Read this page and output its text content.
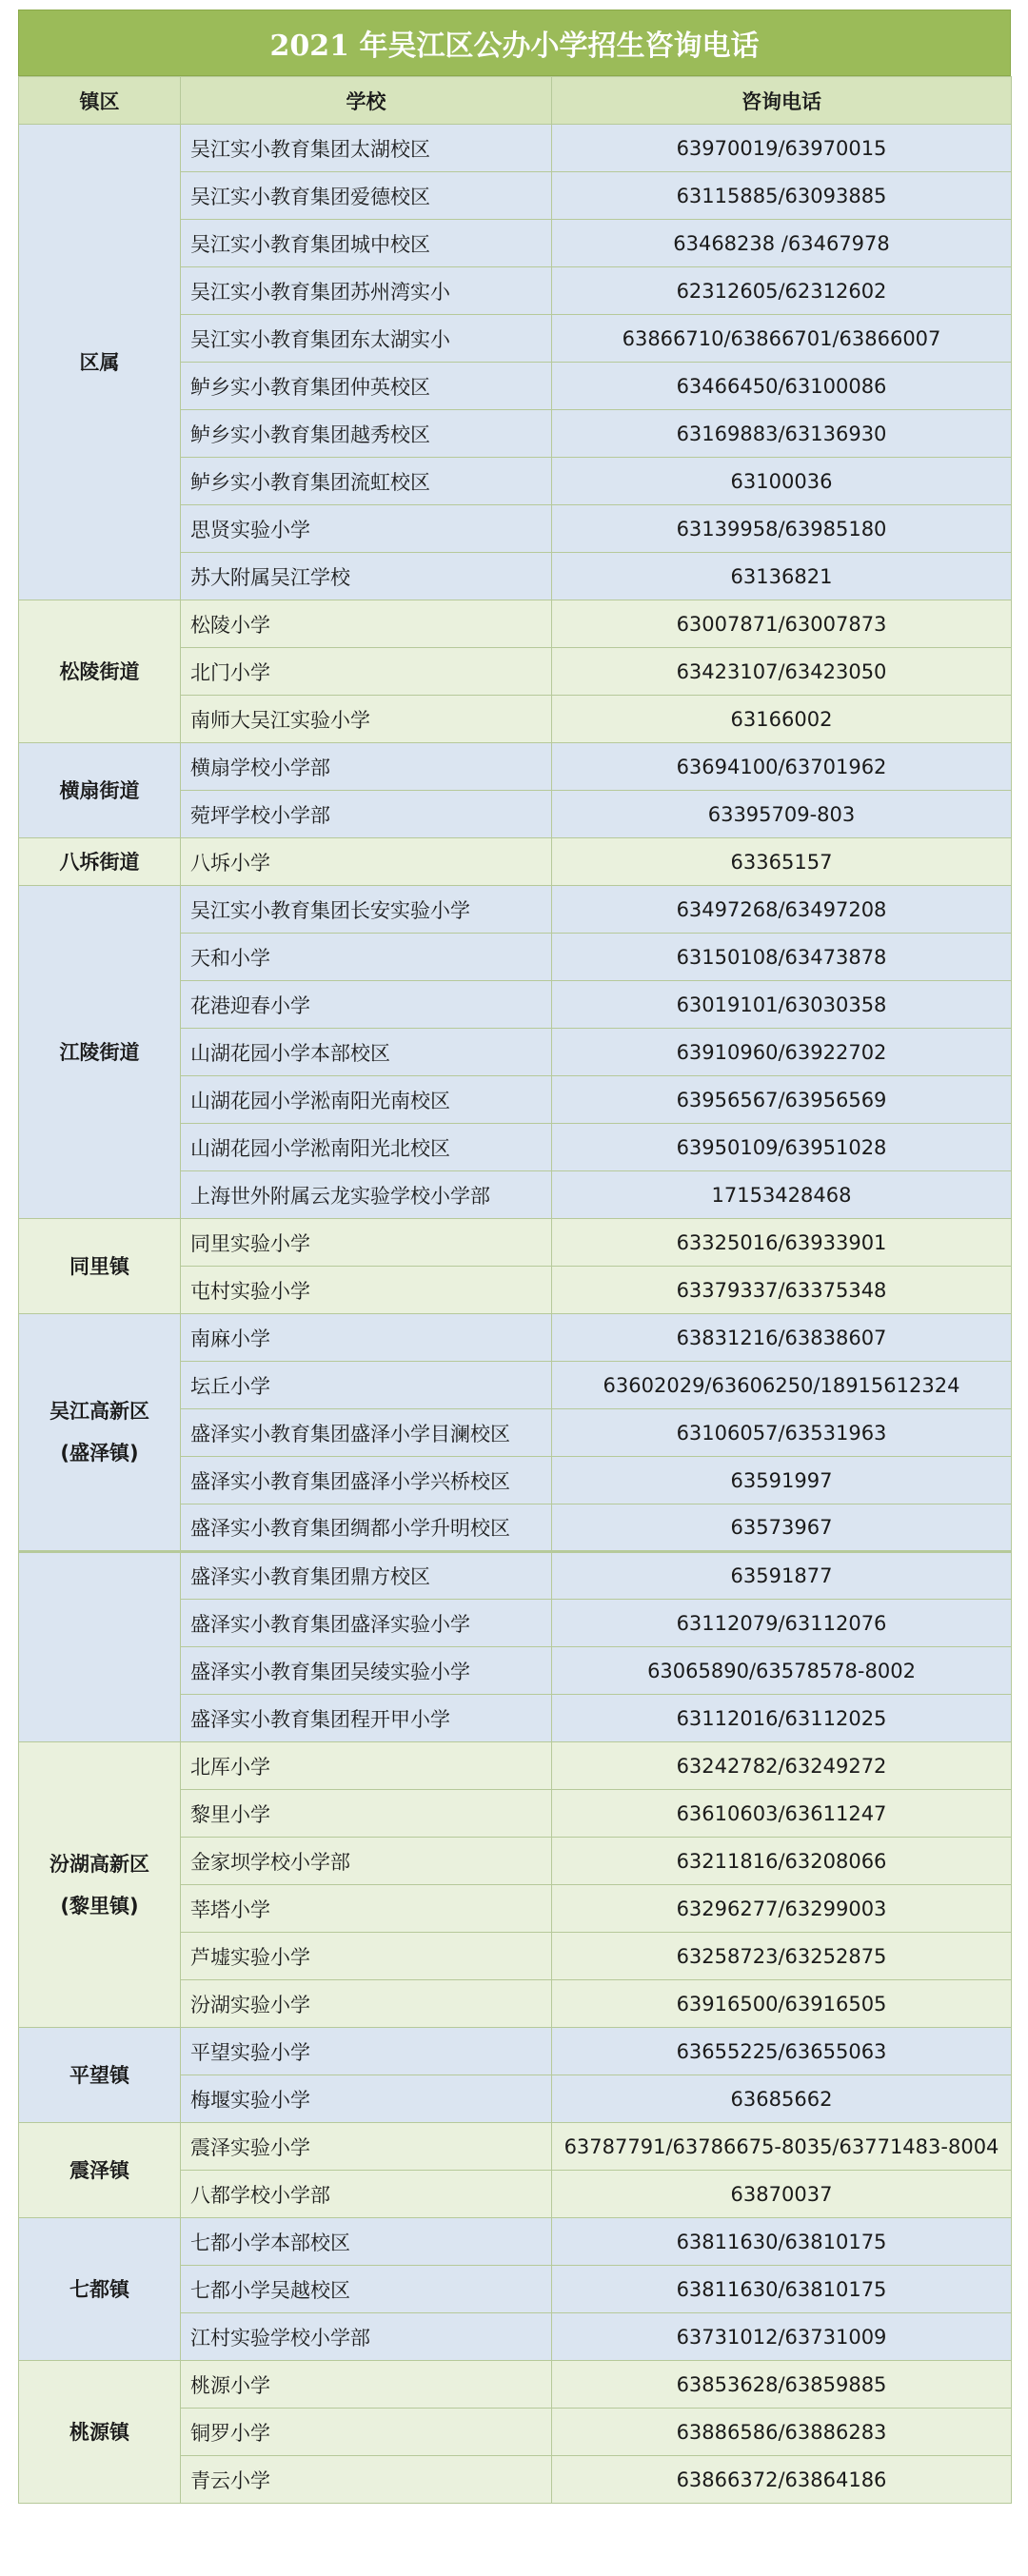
2021 年吴江区公办小学招生咨询电话
镇区	学校	咨询电话

区属	吴江实小教育集团太湖校区	63970019/63970015
	吴江实小教育集团爱德校区	63115885/63093885
	吴江实小教育集团城中校区	63468238 /63467978
	吴江实小教育集团苏州湾实小	62312605/62312602
	吴江实小教育集团东太湖实小	63866710/63866701/63866007
	鲈乡实小教育集团仲英校区	63466450/63100086
	鲈乡实小教育集团越秀校区	63169883/63136930
	鲈乡实小教育集团流虹校区	63100036
	思贤实验小学	63139958/63985180
	苏大附属吴江学校	63136821

松陵街道	松陵小学	63007871/63007873
	北门小学	63423107/63423050
	南师大吴江实验小学	63166002

横扇街道	横扇学校小学部	63694100/63701962
	菀坪学校小学部	63395709-803

八坼街道	八坼小学	63365157

江陵街道	吴江实小教育集团长安实验小学	63497268/63497208
	天和小学	63150108/63473878
	花港迎春小学	63019101/63030358
	山湖花园小学本部校区	63910960/63922702
	山湖花园小学淞南阳光南校区	63956567/63956569
	山湖花园小学淞南阳光北校区	63950109/63951028
	上海世外附属云龙实验学校小学部	17153428468

同里镇	同里实验小学	63325016/63933901
	屯村实验小学	63379337/63375348

吴江高新区
(盛泽镇)	南麻小学	63831216/63838607
	坛丘小学	63602029/63606250/18915612324
	盛泽实小教育集团盛泽小学目澜校区	63106057/63531963
	盛泽实小教育集团盛泽小学兴桥校区	63591997
	盛泽实小教育集团绸都小学升明校区	63573967

	盛泽实小教育集团鼎方校区	63591877
	盛泽实小教育集团盛泽实验小学	63112079/63112076
	盛泽实小教育集团吴绫实验小学	63065890/63578578-8002
	盛泽实小教育集团程开甲小学	63112016/63112025

汾湖高新区
(黎里镇)	北厍小学	63242782/63249272
	黎里小学	63610603/63611247
	金家坝学校小学部	63211816/63208066
	莘塔小学	63296277/63299003
	芦墟实验小学	63258723/63252875
	汾湖实验小学	63916500/63916505

平望镇	平望实验小学	63655225/63655063
	梅堰实验小学	63685662

震泽镇	震泽实验小学	63787791/63786675-8035/63771483-8004
	八都学校小学部	63870037

七都镇	七都小学本部校区	63811630/63810175
	七都小学吴越校区	63811630/63810175
	江村实验学校小学部	63731012/63731009

桃源镇	桃源小学	63853628/63859885
	铜罗小学	63886586/63886283
	青云小学	63866372/63864186
